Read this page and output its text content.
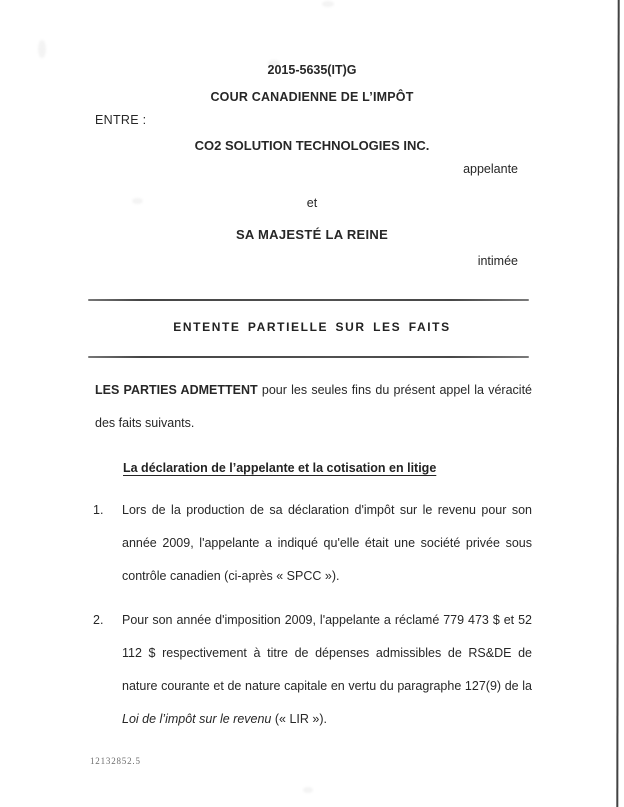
2015-5635(IT)G
COUR CANADIENNE DE L’IMPÔT
ENTRE :
CO2 SOLUTION TECHNOLOGIES INC.
appelante
et
SA MAJESTÉ LA REINE
intimée
ENTENTE PARTIELLE SUR LES FAITS
LES PARTIES ADMETTENT pour les seules fins du présent appel la véracité des faits suivants.
La déclaration de l’appelante et la cotisation en litige
1. Lors de la production de sa déclaration d'impôt sur le revenu pour son année 2009, l'appelante a indiqué qu'elle était une société privée sous contrôle canadien (ci-après « SPCC »).
2. Pour son année d'imposition 2009, l'appelante a réclamé 779 473 $ et 52 112 $ respectivement à titre de dépenses admissibles de RS&DE de nature courante et de nature capitale en vertu du paragraphe 127(9) de la Loi de l’impôt sur le revenu (« LIR »).
12132852.5
